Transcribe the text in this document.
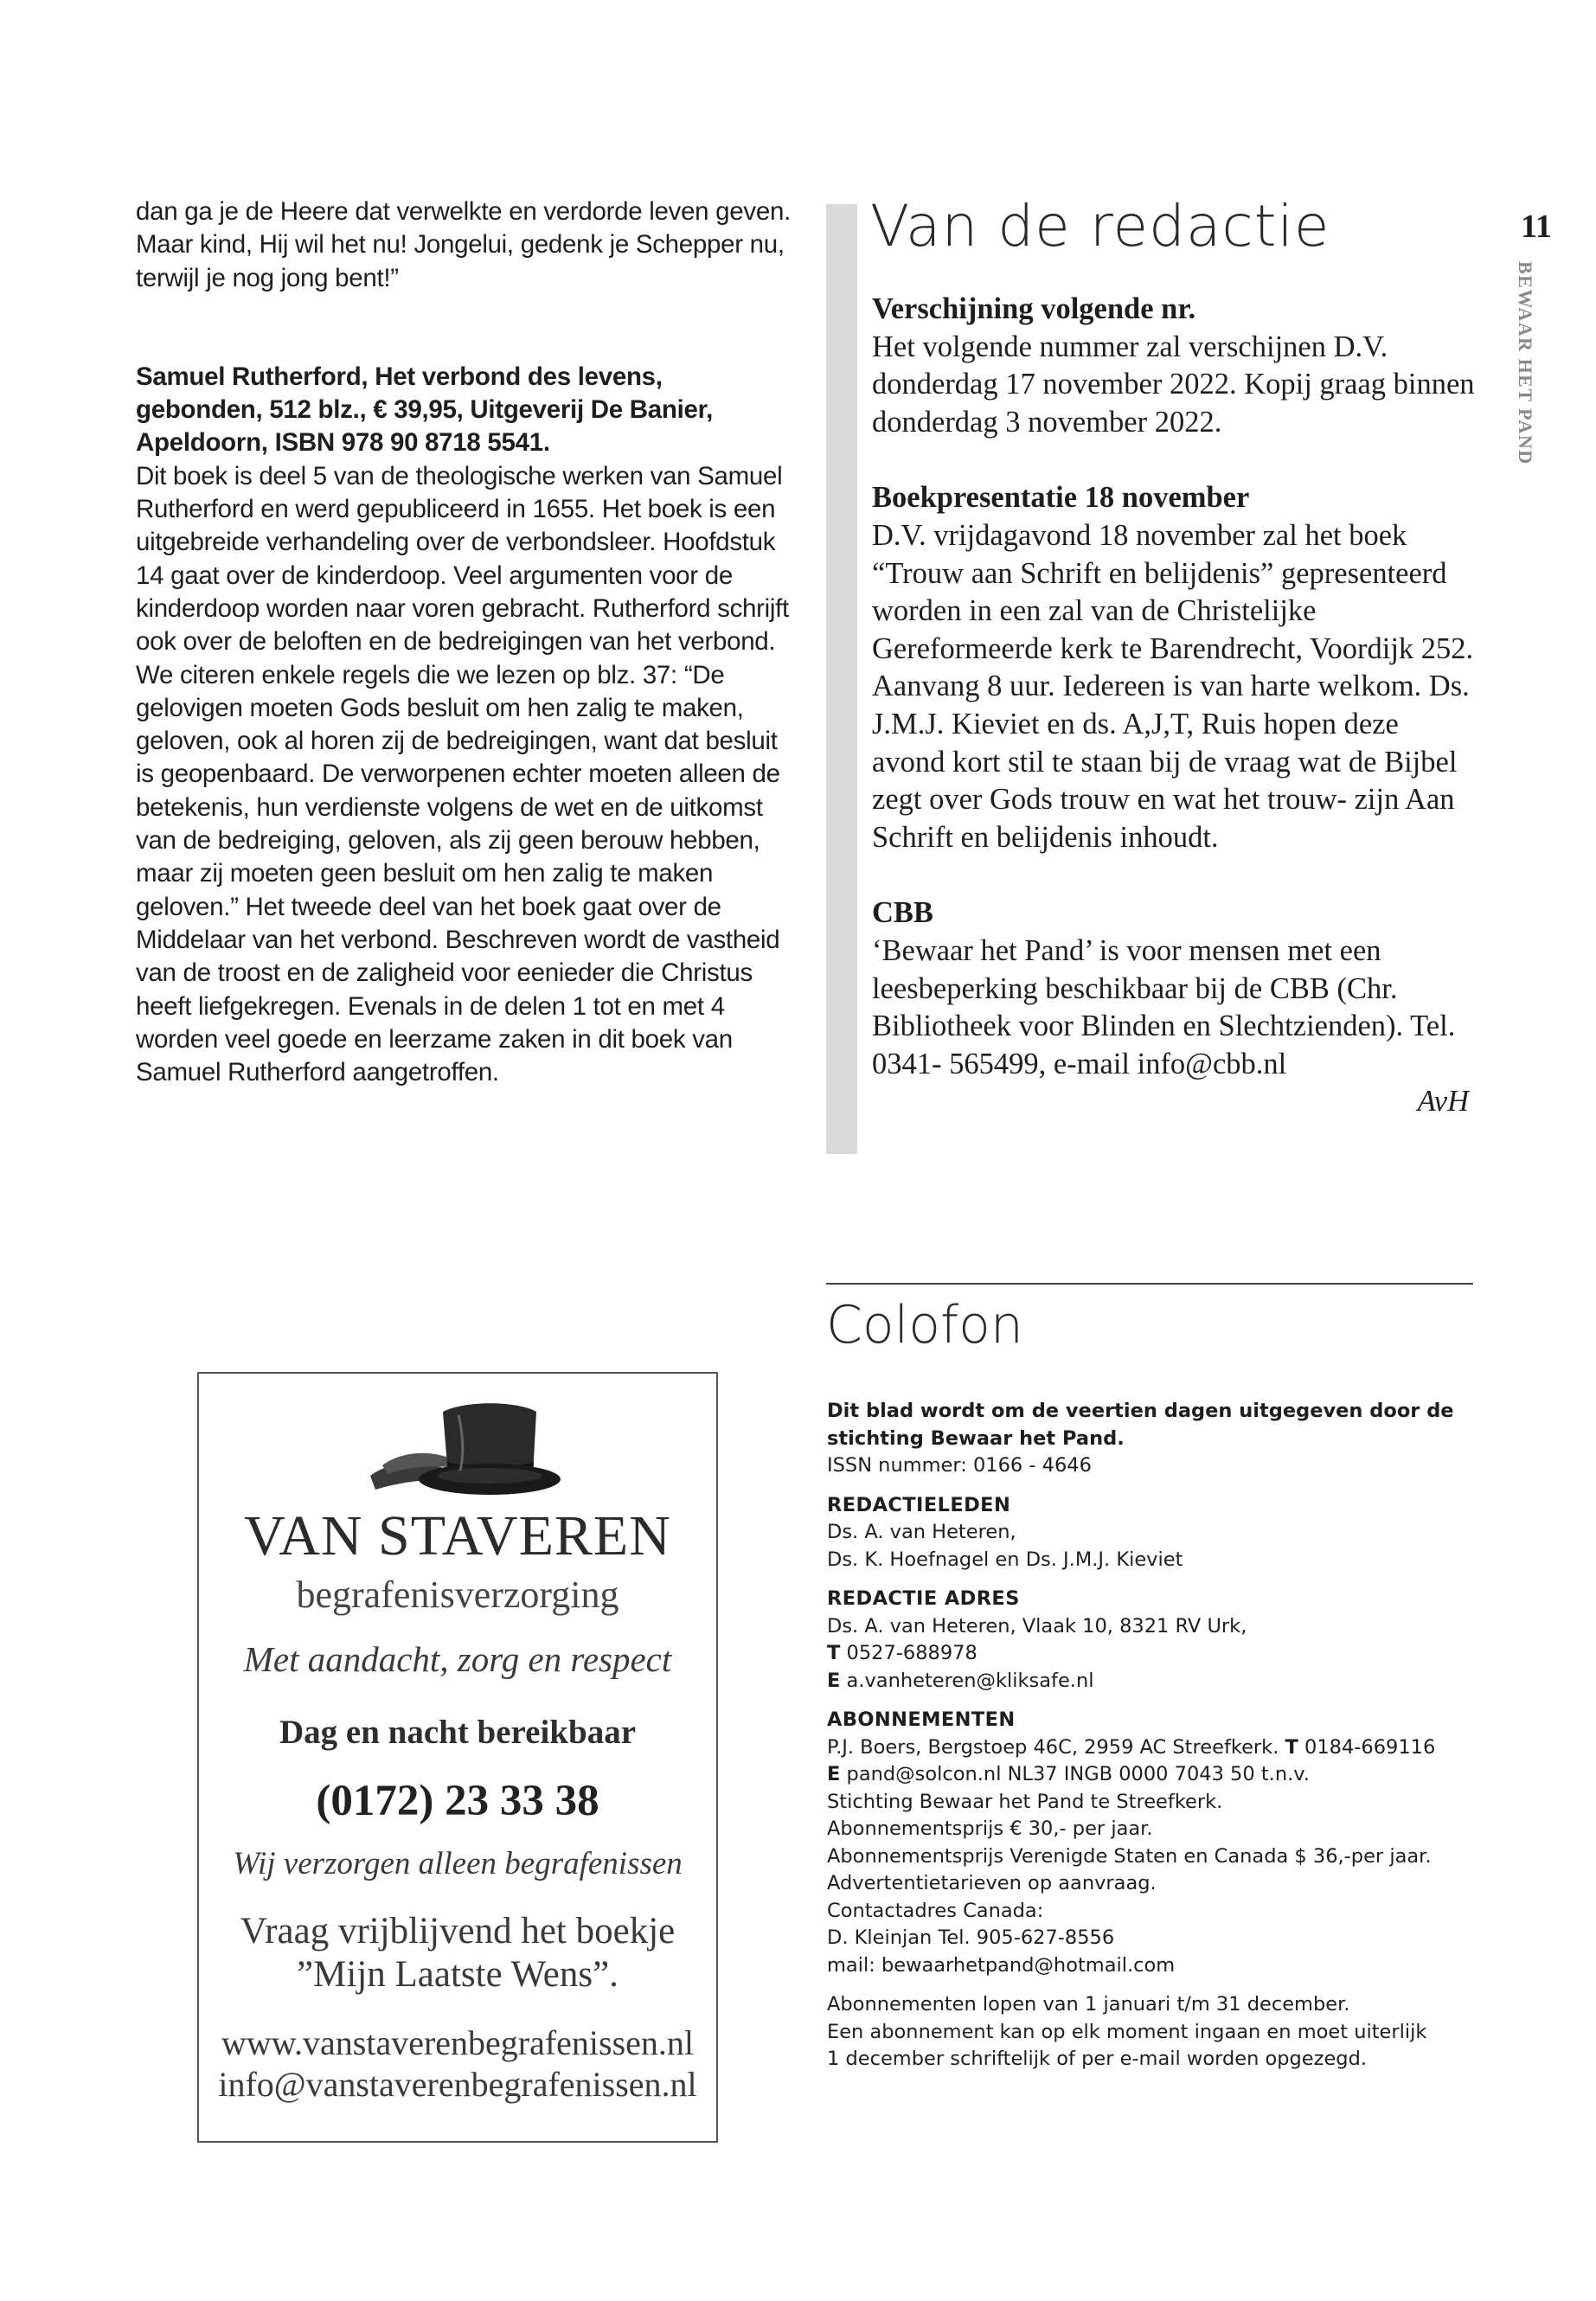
dan ga je de Heere dat verwelkte en verdorde leven geven. Maar kind, Hij wil het nu! Jongelui, gedenk je Schepper nu, terwijl je nog jong bent!”

Samuel Rutherford, Het verbond des levens, gebonden, 512 blz., € 39,95, Uitgeverij De Banier, Apeldoorn, ISBN 978 90 8718 5541.

Dit boek is deel 5 van de theologische werken van Samuel Rutherford en werd gepubliceerd in 1655. Het boek is een uitgebreide verhandeling over de verbondsleer. Hoofdstuk 14 gaat over de kinderdoop. Veel argumenten voor de kinderdoop worden naar voren gebracht. Rutherford schrijft ook over de beloften en de bedreigingen van het verbond. We citeren enkele regels die we lezen op blz. 37: “De gelovigen moeten Gods besluit om hen zalig te maken, geloven, ook al horen zij de bedreigingen, want dat besluit is geopenbaard. De verworpenen echter moeten alleen de betekenis, hun verdienste volgens de wet en de uitkomst van de bedreiging, geloven, als zij geen berouw hebben, maar zij moeten geen besluit om hen zalig te maken geloven.” Het tweede deel van het boek gaat over de Middelaar van het verbond. Beschreven wordt de vastheid van de troost en de zaligheid voor eenieder die Christus heeft liefgekregen. Evenals in de delen 1 tot en met 4 worden veel goede en leerzame zaken in dit boek van Samuel Rutherford aangetroffen.

Van de redactie

Verschijning volgende nr.

Het volgende nummer zal verschijnen D.V. donderdag 17 november 2022. Kopij graag binnen donderdag 3 november 2022.

Boekpresentatie 18 november

D.V. vrijdagavond 18 november zal het boek “Trouw aan Schrift en belijdenis” gepresenteerd worden in een zal van de Christelijke Gereformeerde kerk te Barendrecht, Voordijk 252. Aanvang 8 uur. Iedereen is van harte welkom. Ds. J.M.J. Kieviet en ds. A,J,T, Ruis hopen deze avond kort stil te staan bij de vraag wat de Bijbel zegt over Gods trouw en wat het trouw- zijn Aan Schrift en belijdenis inhoudt.

CBB

‘Bewaar het Pand’ is voor mensen met een leesbeperking beschikbaar bij de CBB (Chr. Bibliotheek voor Blinden en Slechtzienden). Tel. 0341- 565499, e-mail info@cbb.nl

AvH

11
BEWAAR HET PAND
Colofon

Dit blad wordt om de veertien dagen uitgegeven door de stichting Bewaar het Pand.

ISSN nummer: 0166 - 4646

REDACTIELEDEN

Ds. A. van Heteren,

Ds. K. Hoefnagel en Ds. J.M.J. Kieviet

REDACTIE ADRES

Ds. A. van Heteren, Vlaak 10, 8321 RV Urk,

T 0527-688978

E a.vanheteren@kliksafe.nl

ABONNEMENTEN

P.J. Boers, Bergstoep 46C, 2959 AC Streefkerk. T 0184-669116

E pand@solcon.nl NL37 INGB 0000 7043 50 t.n.v.

Stichting Bewaar het Pand te Streefkerk.

Abonnementsprijs € 30,- per jaar.

Abonnementsprijs Verenigde Staten en Canada $ 36,-per jaar.

Advertentietarieven op aanvraag.

Contactadres Canada:

D. Kleinjan Tel. 905-627-8556

mail: bewaarhetpand@hotmail.com

Abonnementen lopen van 1 januari t/m 31 december.

Een abonnement kan op elk moment ingaan en moet uiterlijk

1 december schriftelijk of per e-mail worden opgezegd.

VAN STAVEREN
begrafenisverzorging
Met aandacht, zorg en respect
Dag en nacht bereikbaar
(0172) 23 33 38
Wij verzorgen alleen begrafenissen
Vraag vrijblijvend het boekje
”Mijn Laatste Wens”.
www.vanstaverenbegrafenissen.nl
info@vanstaverenbegrafenissen.nl
